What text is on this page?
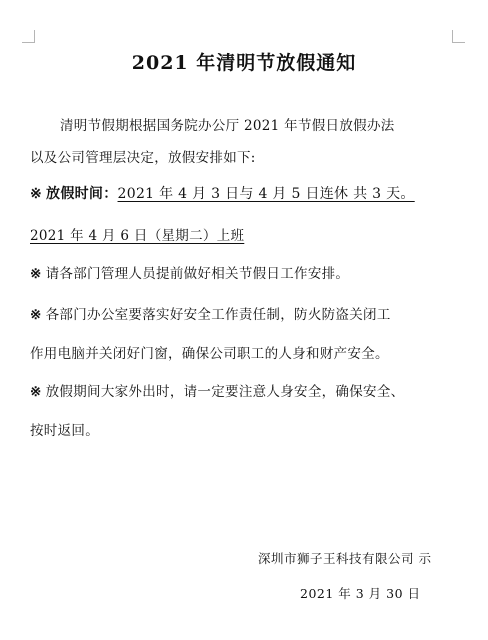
2021 年清明节放假通知
清明节假期根据国务院办公厅 2021 年节假日放假办法
以及公司管理层决定，放假安排如下:
※ 放假时间：2021 年 4 月 3 日与 4 月 5 日连休 共 3 天。
2021 年 4 月 6 日（星期二）上班
※ 请各部门管理人员提前做好相关节假日工作安排。
※ 各部门办公室要落实好安全工作责任制，防火防盗关闭工
作用电脑并关闭好门窗，确保公司职工的人身和财产安全。
※ 放假期间大家外出时，请一定要注意人身安全，确保安全、
按时返回。
深圳市狮子王科技有限公司 示
2021 年 3 月 30 日
